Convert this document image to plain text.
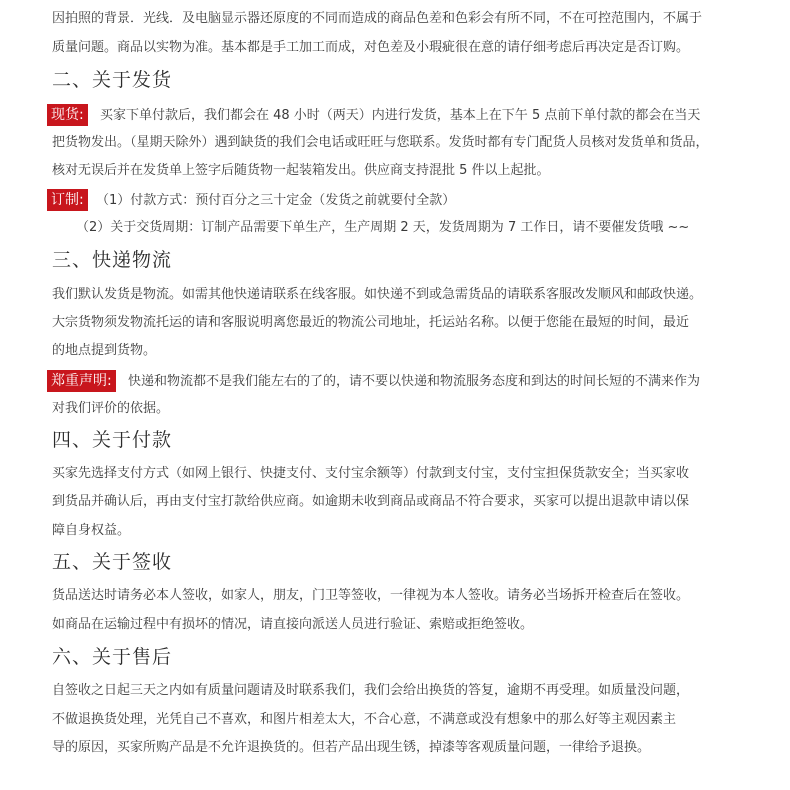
因拍照的背景．光线．及电脑显示器还原度的不同而造成的商品色差和色彩会有所不同，不在可控范围内，不属于
质量问题。商品以实物为准。基本都是手工加工而成，对色差及小瑕疵很在意的请仔细考虑后再决定是否订购。
二、关于发货
现货:	买家下单付款后，我们都会在 48 小时（两天）内进行发货，基本上在下午 5 点前下单付款的都会在当天
把货物发出。（星期天除外）遇到缺货的我们会电话或旺旺与您联系。发货时都有专门配货人员核对发货单和货品，
核对无误后并在发货单上签字后随货物一起装箱发出。供应商支持混批 5 件以上起批。
订制: （1）付款方式：预付百分之三十定金（发货之前就要付全款）
（2）关于交货周期：订制产品需要下单生产，生产周期 2 天，发货周期为 7 工作日，请不要催发货哦 ~~
三、快递物流
我们默认发货是物流。如需其他快递请联系在线客服。如快递不到或急需货品的请联系客服改发顺风和邮政快递。
大宗货物须发物流托运的请和客服说明离您最近的物流公司地址，托运站名称。以便于您能在最短的时间，最近
的地点提到货物。
郑重声明:	快递和物流都不是我们能左右的了的，请不要以快递和物流服务态度和到达的时间长短的不满来作为
对我们评价的依据。
四、关于付款
买家先选择支付方式（如网上银行、快捷支付、支付宝余额等）付款到支付宝，支付宝担保货款安全；当买家收
到货品并确认后，再由支付宝打款给供应商。如逾期未收到商品或商品不符合要求，买家可以提出退款申请以保
障自身权益。
五、关于签收
货品送达时请务必本人签收，如家人，朋友，门卫等签收，一律视为本人签收。请务必当场拆开检查后在签收。
如商品在运输过程中有损坏的情况，请直接向派送人员进行验证、索赔或拒绝签收。
六、关于售后
自签收之日起三天之内如有质量问题请及时联系我们，我们会给出换货的答复，逾期不再受理。如质量没问题，
不做退换货处理，光凭自己不喜欢，和图片相差太大，不合心意，不满意或没有想象中的那么好等主观因素主
导的原因，买家所购产品是不允许退换货的。但若产品出现生锈，掉漆等客观质量问题，一律给予退换。
